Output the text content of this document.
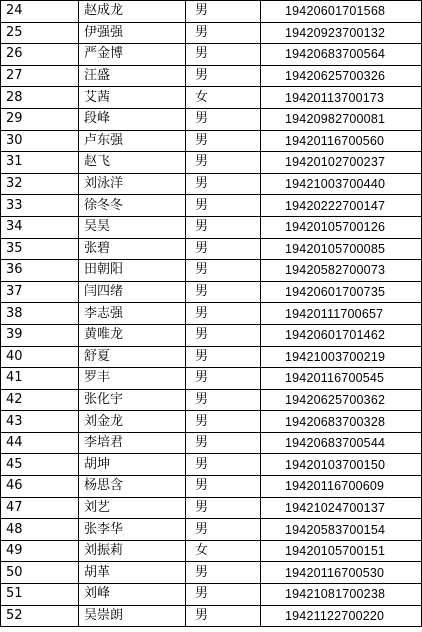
24	赵成龙	男	19420601701568
25	伊强强	男	19420923700132
26	严金博	男	19420683700564
27	汪盛	男	19420625700326
28	艾茜	女	19420113700173
29	段峰	男	19420982700081
30	卢东强	男	19420116700560
31	赵飞	男	19420102700237
32	刘泳洋	男	19421003700440
33	徐冬冬	男	19420222700147
34	吴昊	男	19420105700126
35	张碧	男	19420105700085
36	田朝阳	男	19420582700073
37	闫四绪	男	19420601700735
38	李志强	男	19420111700657
39	黄唯龙	男	19420601701462
40	舒夏	男	19421003700219
41	罗丰	男	19420116700545
42	张化宇	男	19420625700362
43	刘金龙	男	19420683700328
44	李培君	男	19420683700544
45	胡坤	男	19420103700150
46	杨思含	男	19420116700609
47	刘艺	男	19421024700137
48	张李华	男	19420583700154
49	刘振莉	女	19420105700151
50	胡革	男	19420116700530
51	刘峰	男	19421081700238
52	吴崇朗	男	19421122700220
